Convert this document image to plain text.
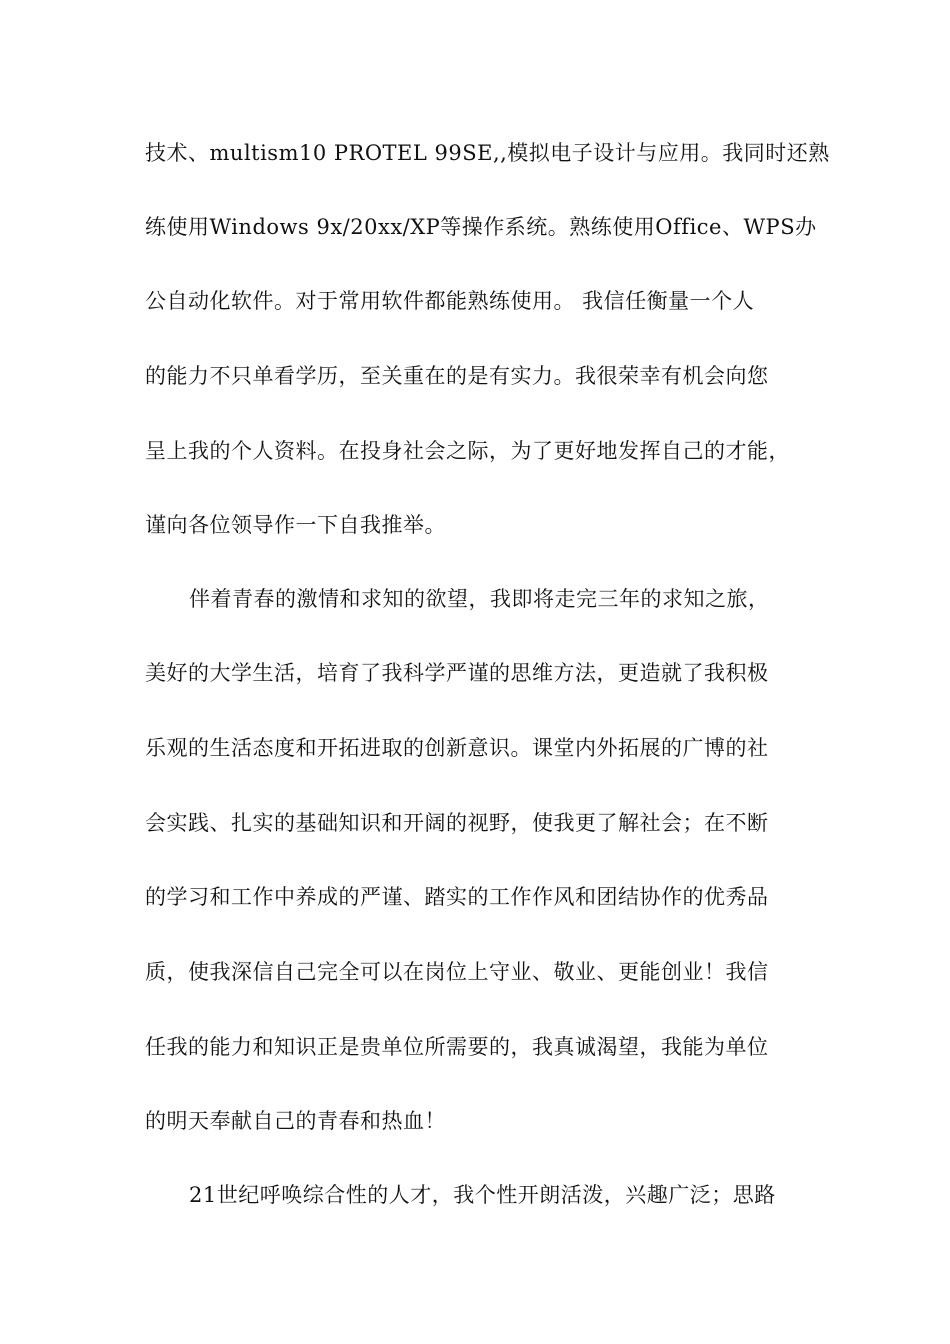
技术、multism10 PROTEL 99SE,,模拟电子设计与应用。我同时还熟
练使用Windows 9x/20xx/XP等操作系统。熟练使用Office、WPS办
公自动化软件。对于常用软件都能熟练使用。 我信任衡量一个人
的能力不只单看学历，至关重在的是有实力。我很荣幸有机会向您
呈上我的个人资料。在投身社会之际，为了更好地发挥自己的才能，
谨向各位领导作一下自我推举。
伴着青春的激情和求知的欲望，我即将走完三年的求知之旅，
美好的大学生活，培育了我科学严谨的思维方法，更造就了我积极
乐观的生活态度和开拓进取的创新意识。课堂内外拓展的广博的社
会实践、扎实的基础知识和开阔的视野，使我更了解社会；在不断
的学习和工作中养成的严谨、踏实的工作作风和团结协作的优秀品
质，使我深信自己完全可以在岗位上守业、敬业、更能创业！我信
任我的能力和知识正是贵单位所需要的，我真诚渴望，我能为单位
的明天奉献自己的青春和热血！
21世纪呼唤综合性的人才，我个性开朗活泼，兴趣广泛；思路
